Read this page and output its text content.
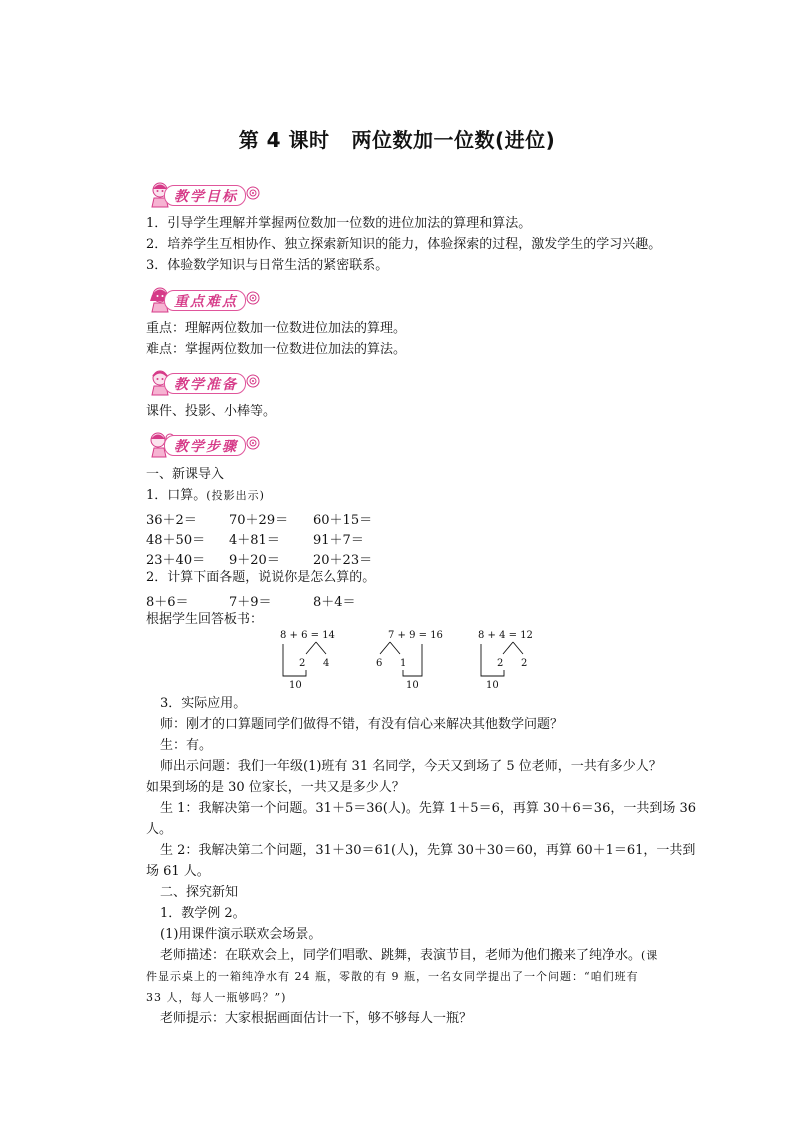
第 4 课时 两位数加一位数(进位)
教学目标
1．引导学生理解并掌握两位数加一位数的进位加法的算理和算法。
2．培养学生互相协作、独立探索新知识的能力，体验探索的过程，激发学生的学习兴趣。
3．体验数学知识与日常生活的紧密联系。
重点难点
重点：理解两位数加一位数进位加法的算理。
难点：掌握两位数加一位数进位加法的算法。
教学准备
课件、投影、小棒等。
教学步骤
一、新课导入
1．口算。(投影出示)
36＋2＝ 70＋29＝ 60＋15＝
48＋50＝ 4＋81＝	91＋7＝
23＋40＝ 9＋20＝	20＋23＝
2．计算下面各题，说说你是怎么算的。
8＋6＝	7＋9＝	8＋4＝
根据学生回答板书：
8 + 6 = 14
2 4
10
7 + 9 = 16
6 1
10
8 + 4 = 12
2 2
10
3．实际应用。
师：刚才的口算题同学们做得不错，有没有信心来解决其他数学问题？
生：有。
师出示问题：我们一年级(1)班有 31 名同学，今天又到场了 5 位老师，一共有多少人？
如果到场的是 30 位家长，一共又是多少人？
生 1：我解决第一个问题。31＋5＝36(人)。先算 1＋5＝6，再算 30＋6＝36，一共到场 36
人。
生 2：我解决第二个问题，31＋30＝61(人)，先算 30＋30＝60，再算 60＋1＝61，一共到
场 61 人。
二、探究新知
1．教学例 2。
(1)用课件演示联欢会场景。
老师描述：在联欢会上，同学们唱歌、跳舞，表演节目，老师为他们搬来了纯净水。(课
件显示桌上的一箱纯净水有 24 瓶，零散的有 9 瓶，一名女同学提出了一个问题：“咱们班有
33 人，每人一瓶够吗？”)
老师提示：大家根据画面估计一下，够不够每人一瓶？
